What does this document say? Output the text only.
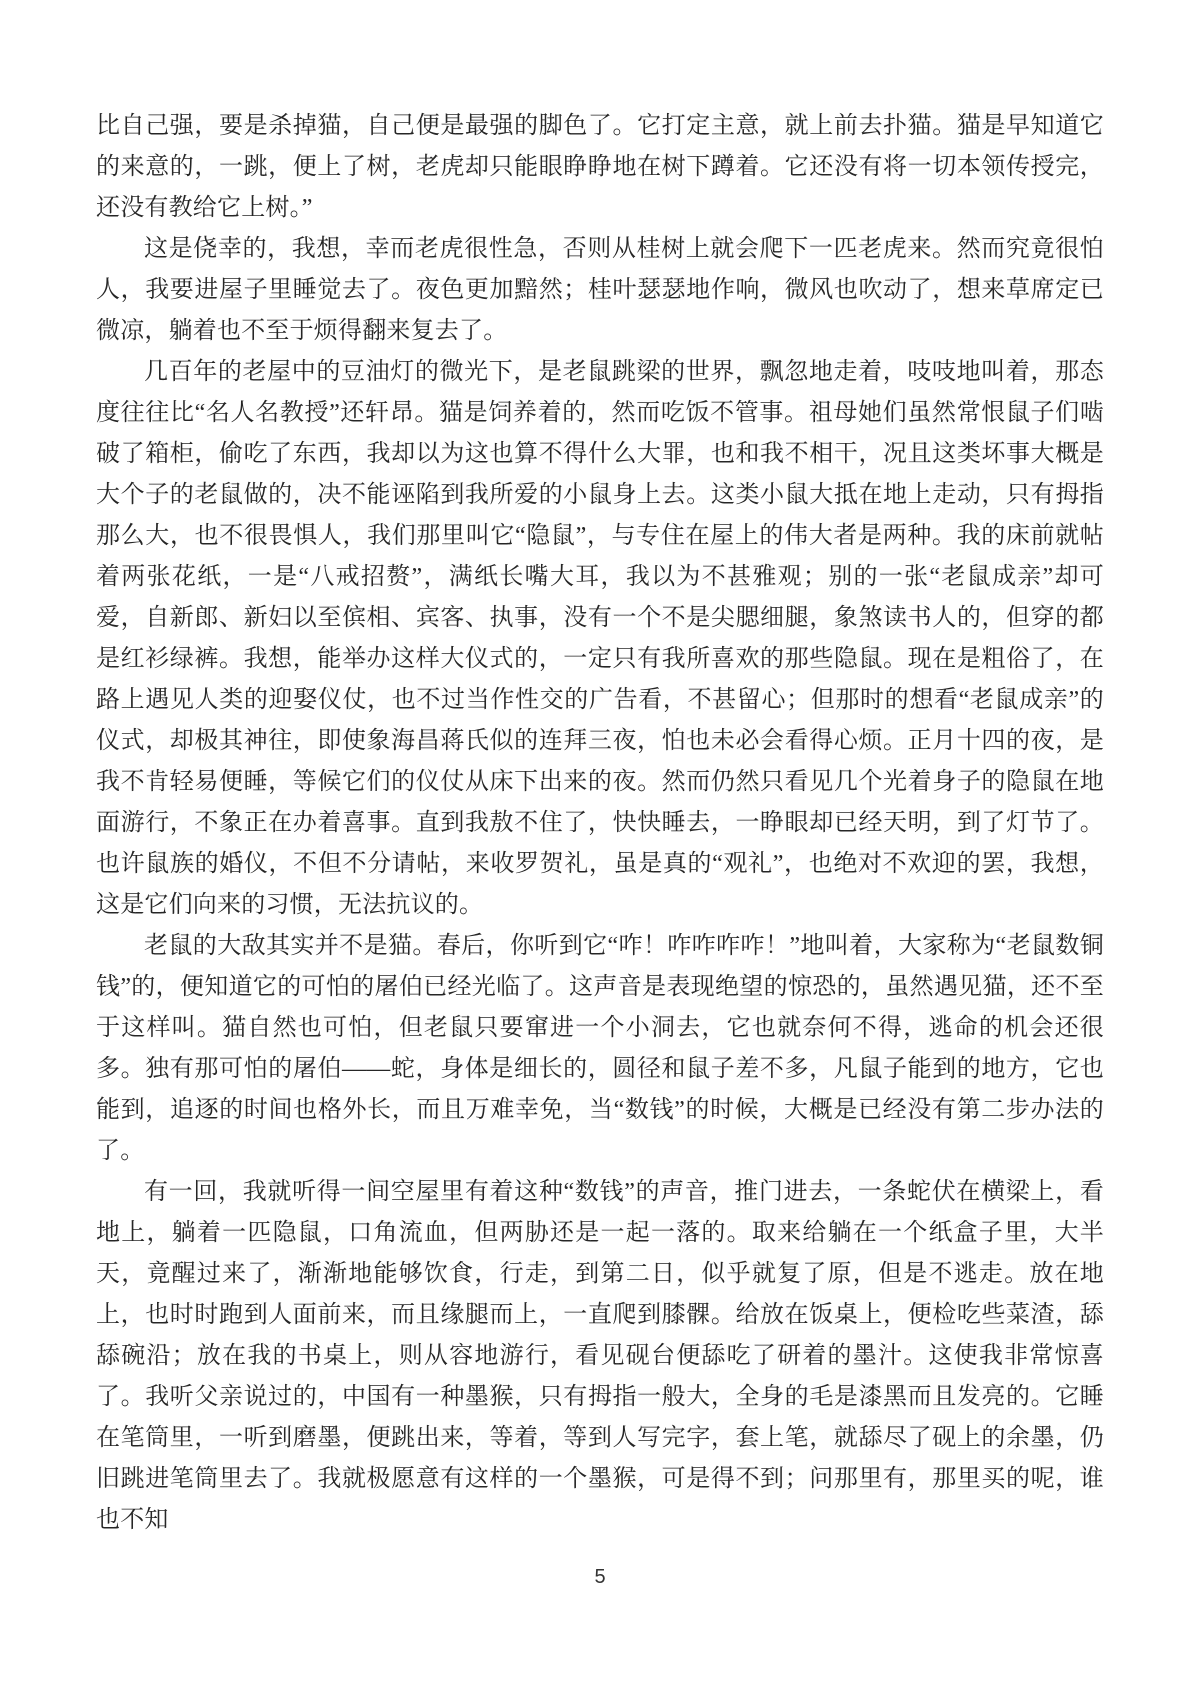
比自己强，要是杀掉猫，自己便是最强的脚色了。它打定主意，就上前去扑猫。猫是早知道它的来意的，一跳，便上了树，老虎却只能眼睁睁地在树下蹲着。它还没有将一切本领传授完，还没有教给它上树。”

这是侥幸的，我想，幸而老虎很性急，否则从桂树上就会爬下一匹老虎来。然而究竟很怕人，我要进屋子里睡觉去了。夜色更加黯然；桂叶瑟瑟地作响，微风也吹动了，想来草席定已微凉，躺着也不至于烦得翻来复去了。

几百年的老屋中的豆油灯的微光下，是老鼠跳梁的世界，飘忽地走着，吱吱地叫着，那态度往往比“名人名教授”还轩昂。猫是饲养着的，然而吃饭不管事。祖母她们虽然常恨鼠子们啮破了箱柜，偷吃了东西，我却以为这也算不得什么大罪，也和我不相干，况且这类坏事大概是大个子的老鼠做的，决不能诬陷到我所爱的小鼠身上去。这类小鼠大抵在地上走动，只有拇指那么大，也不很畏惧人，我们那里叫它“隐鼠”，与专住在屋上的伟大者是两种。我的床前就帖着两张花纸，一是“八戒招赘”，满纸长嘴大耳，我以为不甚雅观；别的一张“老鼠成亲”却可爱，自新郎、新妇以至傧相、宾客、执事，没有一个不是尖腮细腿，象煞读书人的，但穿的都是红衫绿裤。我想，能举办这样大仪式的，一定只有我所喜欢的那些隐鼠。现在是粗俗了，在路上遇见人类的迎娶仪仗，也不过当作性交的广告看，不甚留心；但那时的想看“老鼠成亲”的仪式，却极其神往，即使象海昌蒋氏似的连拜三夜，怕也未必会看得心烦。正月十四的夜，是我不肯轻易便睡，等候它们的仪仗从床下出来的夜。然而仍然只看见几个光着身子的隐鼠在地面游行，不象正在办着喜事。直到我敖不住了，快快睡去，一睁眼却已经天明，到了灯节了。也许鼠族的婚仪，不但不分请帖，来收罗贺礼，虽是真的“观礼”，也绝对不欢迎的罢，我想，这是它们向来的习惯，无法抗议的。

老鼠的大敌其实并不是猫。春后，你听到它“咋！咋咋咋咋！”地叫着，大家称为“老鼠数铜钱”的，便知道它的可怕的屠伯已经光临了。这声音是表现绝望的惊恐的，虽然遇见猫，还不至于这样叫。猫自然也可怕，但老鼠只要窜进一个小洞去，它也就奈何不得，逃命的机会还很多。独有那可怕的屠伯——蛇，身体是细长的，圆径和鼠子差不多，凡鼠子能到的地方，它也能到，追逐的时间也格外长，而且万难幸免，当“数钱”的时候，大概是已经没有第二步办法的了。

有一回，我就听得一间空屋里有着这种“数钱”的声音，推门进去，一条蛇伏在横梁上，看地上，躺着一匹隐鼠，口角流血，但两胁还是一起一落的。取来给躺在一个纸盒子里，大半天，竟醒过来了，渐渐地能够饮食，行走，到第二日，似乎就复了原，但是不逃走。放在地上，也时时跑到人面前来，而且缘腿而上，一直爬到膝髁。给放在饭桌上，便检吃些菜渣，舔舔碗沿；放在我的书桌上，则从容地游行，看见砚台便舔吃了研着的墨汁。这使我非常惊喜了。我听父亲说过的，中国有一种墨猴，只有拇指一般大，全身的毛是漆黑而且发亮的。它睡在笔筒里，一听到磨墨，便跳出来，等着，等到人写完字，套上笔，就舔尽了砚上的余墨，仍旧跳进笔筒里去了。我就极愿意有这样的一个墨猴，可是得不到；问那里有，那里买的呢，谁也不知

5
